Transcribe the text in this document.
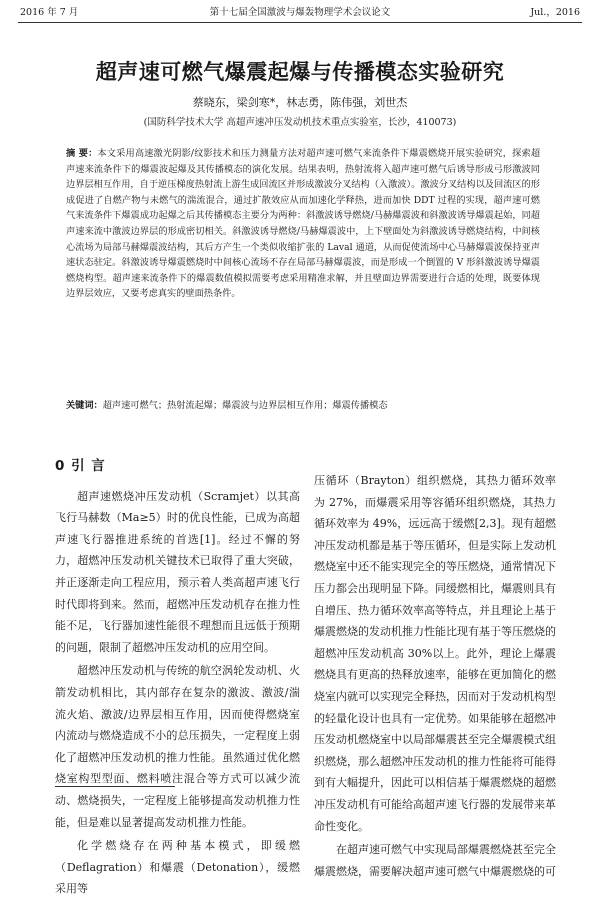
2016 年 7 月	第十七届全国激波与爆轰物理学术会议论文	Jul.，2016
超声速可燃气爆震起爆与传播模态实验研究
蔡晓东，梁剑寒*，林志勇，陈伟强，刘世杰
(国防科学技术大学 高超声速冲压发动机技术重点实验室，长沙，410073)

摘 要：本文采用高速激光阴影/纹影技术和压力测量方法对超声速可燃气来流条件下爆震燃烧开展实验研究，探索超声速来流条件下的爆震波起爆及其传播模态的演化发展。结果表明，热射流将入超声速可燃气后诱导形成弓形激波同边界层相互作用，自于逆压梯度热射流上游生成回流区并形成激波分叉结构（入激波）。激波分叉结构以及回流区的形成促进了自燃产物与未燃气的湍流混合，通过扩散效应从而加速化学释热，进而加快 DDT 过程的实现，超声速可燃气来流条件下爆震成功起爆之后其传播模态主要分为两种：斜激波诱导燃烧/马赫爆震波和斜激波诱导爆震起始，同超声速来流中激波边界层的形成密切相关。斜激波诱导燃烧/马赫爆震波中，上下壁面处为斜激波诱导燃烧结构，中间核心流场为局部马赫爆震波结构，其后方产生一个类似收缩扩张的 Laval 通道，从而促使流场中心马赫爆震波保持亚声速状态驻定。斜激波诱导爆震燃烧时中间核心流场不存在局部马赫爆震波，而是形成一个倒置的 V 形斜激波诱导爆震燃烧构型。超声速来流条件下的爆震数值模拟需要考虑采用精准求解，并且壁面边界需要进行合适的处理，既要体现边界层效应，又要考虑真实的壁面热条件。

关键词：超声速可燃气；热射流起爆；爆震波与边界层相互作用；爆震传播模态

0 引 言

超声速燃烧冲压发动机（Scramjet）以其高飞行马赫数（Ma≥5）时的优良性能，已成为高超声速飞行器推进系统的首选[1]。经过不懈的努力，超燃冲压发动机关键技术已取得了重大突破，并正逐渐走向工程应用，预示着人类高超声速飞行时代即将到来。然而，超燃冲压发动机存在推力性能不足，飞行器加速性能很不理想而且远低于预期的问题，限制了超燃冲压发动机的应用空间。

超燃冲压发动机与传统的航空涡轮发动机、火箭发动机相比，其内部存在复杂的激波、激波/湍流火焰、激波/边界层相互作用，因而使得燃烧室内流动与燃烧造成不小的总压损失，一定程度上弱化了超燃冲压发动机的推力性能。虽然通过优化燃烧室构型型面、燃料喷注混合等方式可以减少流动、燃烧损失，一定程度上能够提高发动机推力性能，但是难以显著提高发动机推力性能。

化学燃烧存在两种基本模式，即缓燃（Deflagration）和爆震（Detonation），缓燃采用等

压循环（Brayton）组织燃烧，其热力循环效率为 27%，而爆震采用等容循环组织燃烧，其热力循环效率为 49%，远远高于缓燃[2,3]。现有超燃冲压发动机都是基于等压循环，但是实际上发动机燃烧室中还不能实现完全的等压燃烧，通常情况下压力都会出现明显下降。同缓燃相比，爆震则具有自增压、热力循环效率高等特点，并且理论上基于爆震燃烧的发动机推力性能比现有基于等压燃烧的超燃冲压发动机高 30%以上。此外，理论上爆震燃烧具有更高的热释放速率，能够在更加简化的燃烧室内就可以实现完全释热，因而对于发动机构型的轻量化设计也具有一定优势。如果能够在超燃冲压发动机燃烧室中以局部爆震甚至完全爆震模式组织燃烧，那么超燃冲压发动机的推力性能将可能得到有大幅提升，因此可以相信基于爆震燃烧的超燃冲压发动机有可能给高超声速飞行器的发展带来革命性变化。

在超声速可燃气中实现局部爆震燃烧甚至完全爆震燃烧，需要解决超声速可燃气中爆震燃烧的可
